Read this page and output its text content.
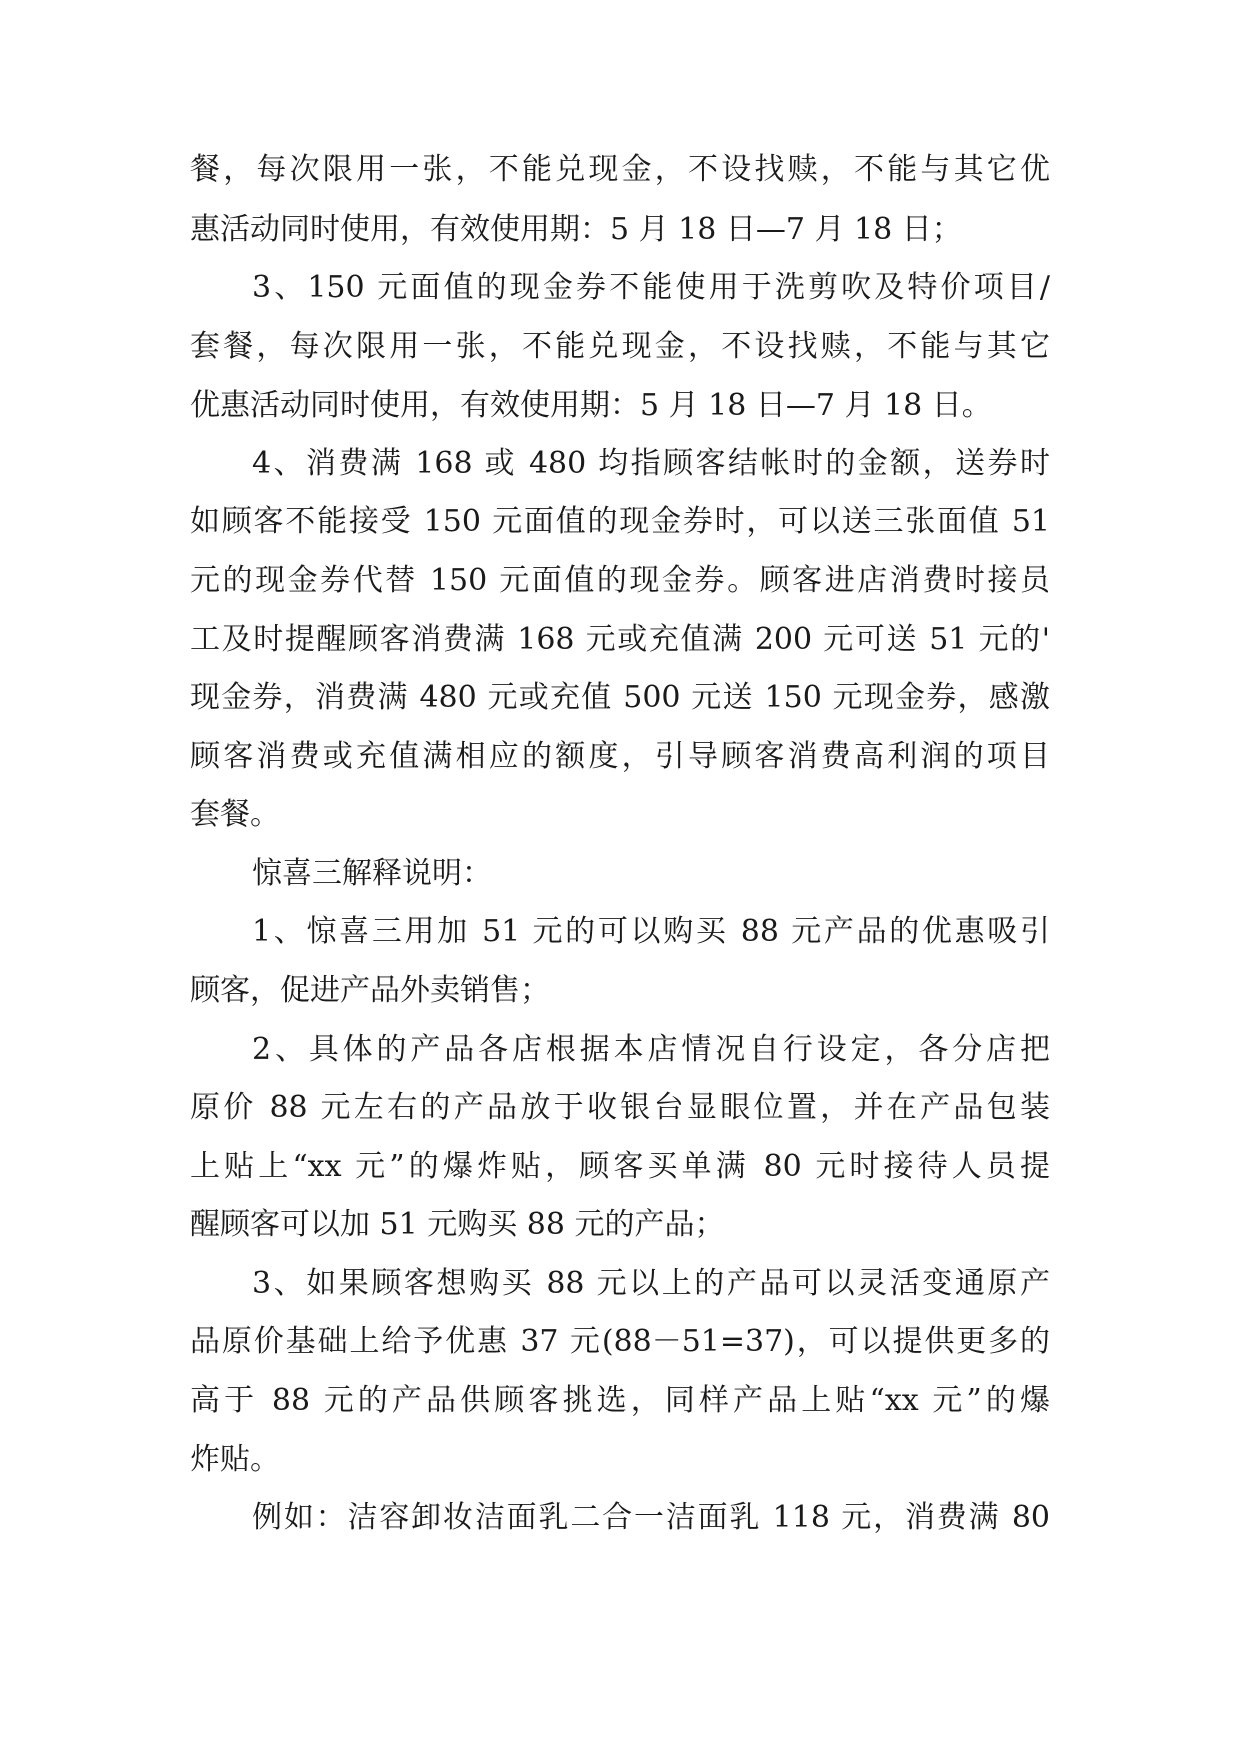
餐，每次限用一张，不能兑现金，不设找赎，不能与其它优
惠活动同时使用，有效使用期：5 月 18 日—7 月 18 日；
3、150 元面值的现金券不能使用于洗剪吹及特价项目/
套餐，每次限用一张，不能兑现金，不设找赎，不能与其它
优惠活动同时使用，有效使用期：5 月 18 日—7 月 18 日。
4、消费满 168 或 480 均指顾客结帐时的金额，送券时
如顾客不能接受 150 元面值的现金券时，可以送三张面值 51
元的现金券代替 150 元面值的现金券。顾客进店消费时接员
工及时提醒顾客消费满 168 元或充值满 200 元可送 51 元的'
现金券，消费满 480 元或充值 500 元送 150 元现金券，感激
顾客消费或充值满相应的额度，引导顾客消费高利润的项目
套餐。
惊喜三解释说明：
1、惊喜三用加 51 元的可以购买 88 元产品的优惠吸引
顾客，促进产品外卖销售；
2、具体的产品各店根据本店情况自行设定，各分店把
原价 88 元左右的产品放于收银台显眼位置，并在产品包装
上贴上“xx 元”的爆炸贴，顾客买单满 80 元时接待人员提
醒顾客可以加 51 元购买 88 元的产品；
3、如果顾客想购买 88 元以上的产品可以灵活变通原产
品原价基础上给予优惠 37 元(88－51=37)，可以提供更多的
高于 88 元的产品供顾客挑选，同样产品上贴“xx 元”的爆
炸贴。
例如：洁容卸妆洁面乳二合一洁面乳 118 元，消费满 80
